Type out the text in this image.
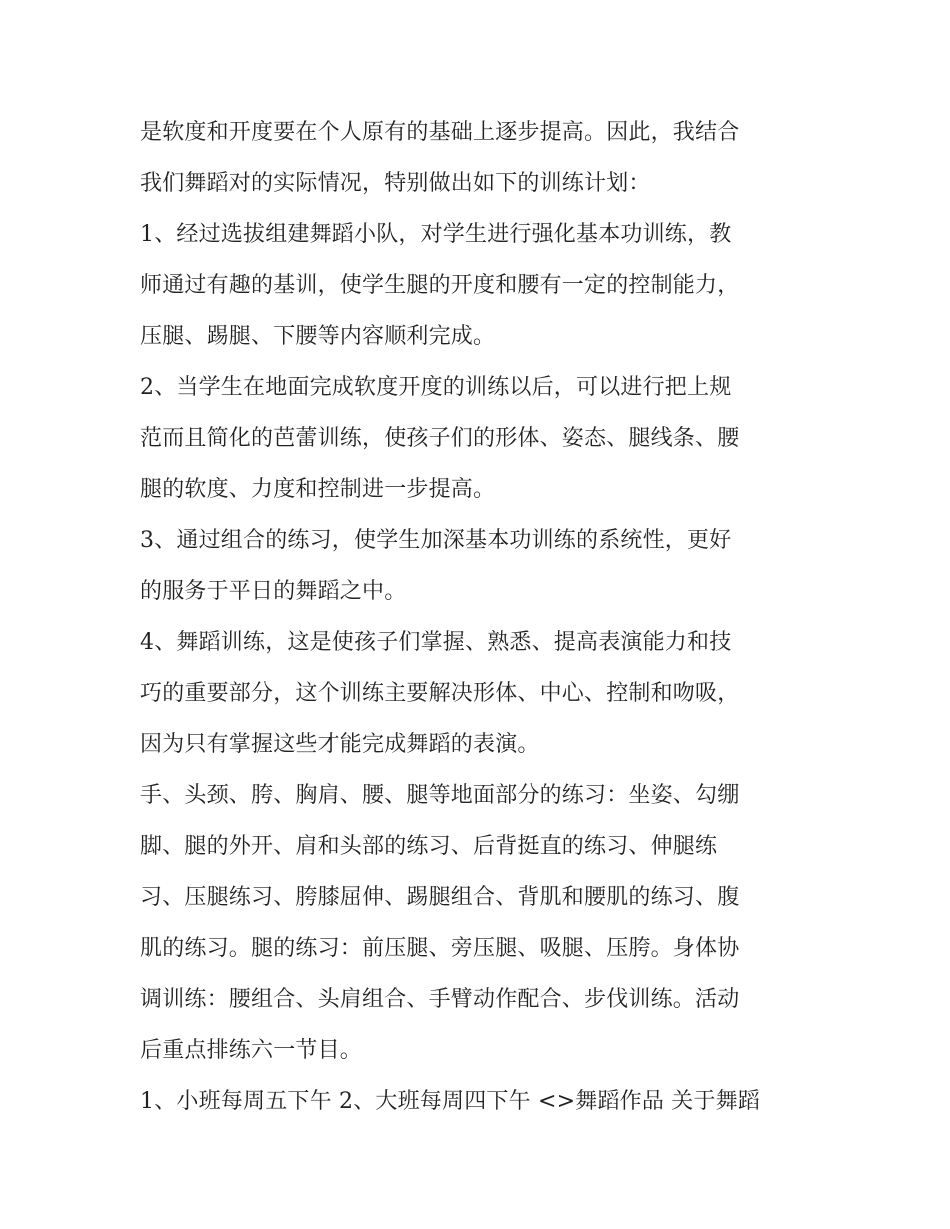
是软度和开度要在个人原有的基础上逐步提高。因此，我结合
我们舞蹈对的实际情况，特别做出如下的训练计划：
1、经过选拔组建舞蹈小队，对学生进行强化基本功训练，教
师通过有趣的基训，使学生腿的开度和腰有一定的控制能力，
压腿、踢腿、下腰等内容顺利完成。
2、当学生在地面完成软度开度的训练以后，可以进行把上规
范而且简化的芭蕾训练，使孩子们的形体、姿态、腿线条、腰
腿的软度、力度和控制进一步提高。
3、通过组合的练习，使学生加深基本功训练的系统性，更好
的服务于平日的舞蹈之中。
4、舞蹈训练，这是使孩子们掌握、熟悉、提高表演能力和技
巧的重要部分，这个训练主要解决形体、中心、控制和吻吸，
因为只有掌握这些才能完成舞蹈的表演。
手、头颈、胯、胸肩、腰、腿等地面部分的练习：坐姿、勾绷
脚、腿的外开、肩和头部的练习、后背挺直的练习、伸腿练
习、压腿练习、胯膝屈伸、踢腿组合、背肌和腰肌的练习、腹
肌的练习。腿的练习：前压腿、旁压腿、吸腿、压胯。身体协
调训练：腰组合、头肩组合、手臂动作配合、步伐训练。活动
后重点排练六一节目。
1、小班每周五下午 2、大班每周四下午 <>舞蹈作品 关于舞蹈
